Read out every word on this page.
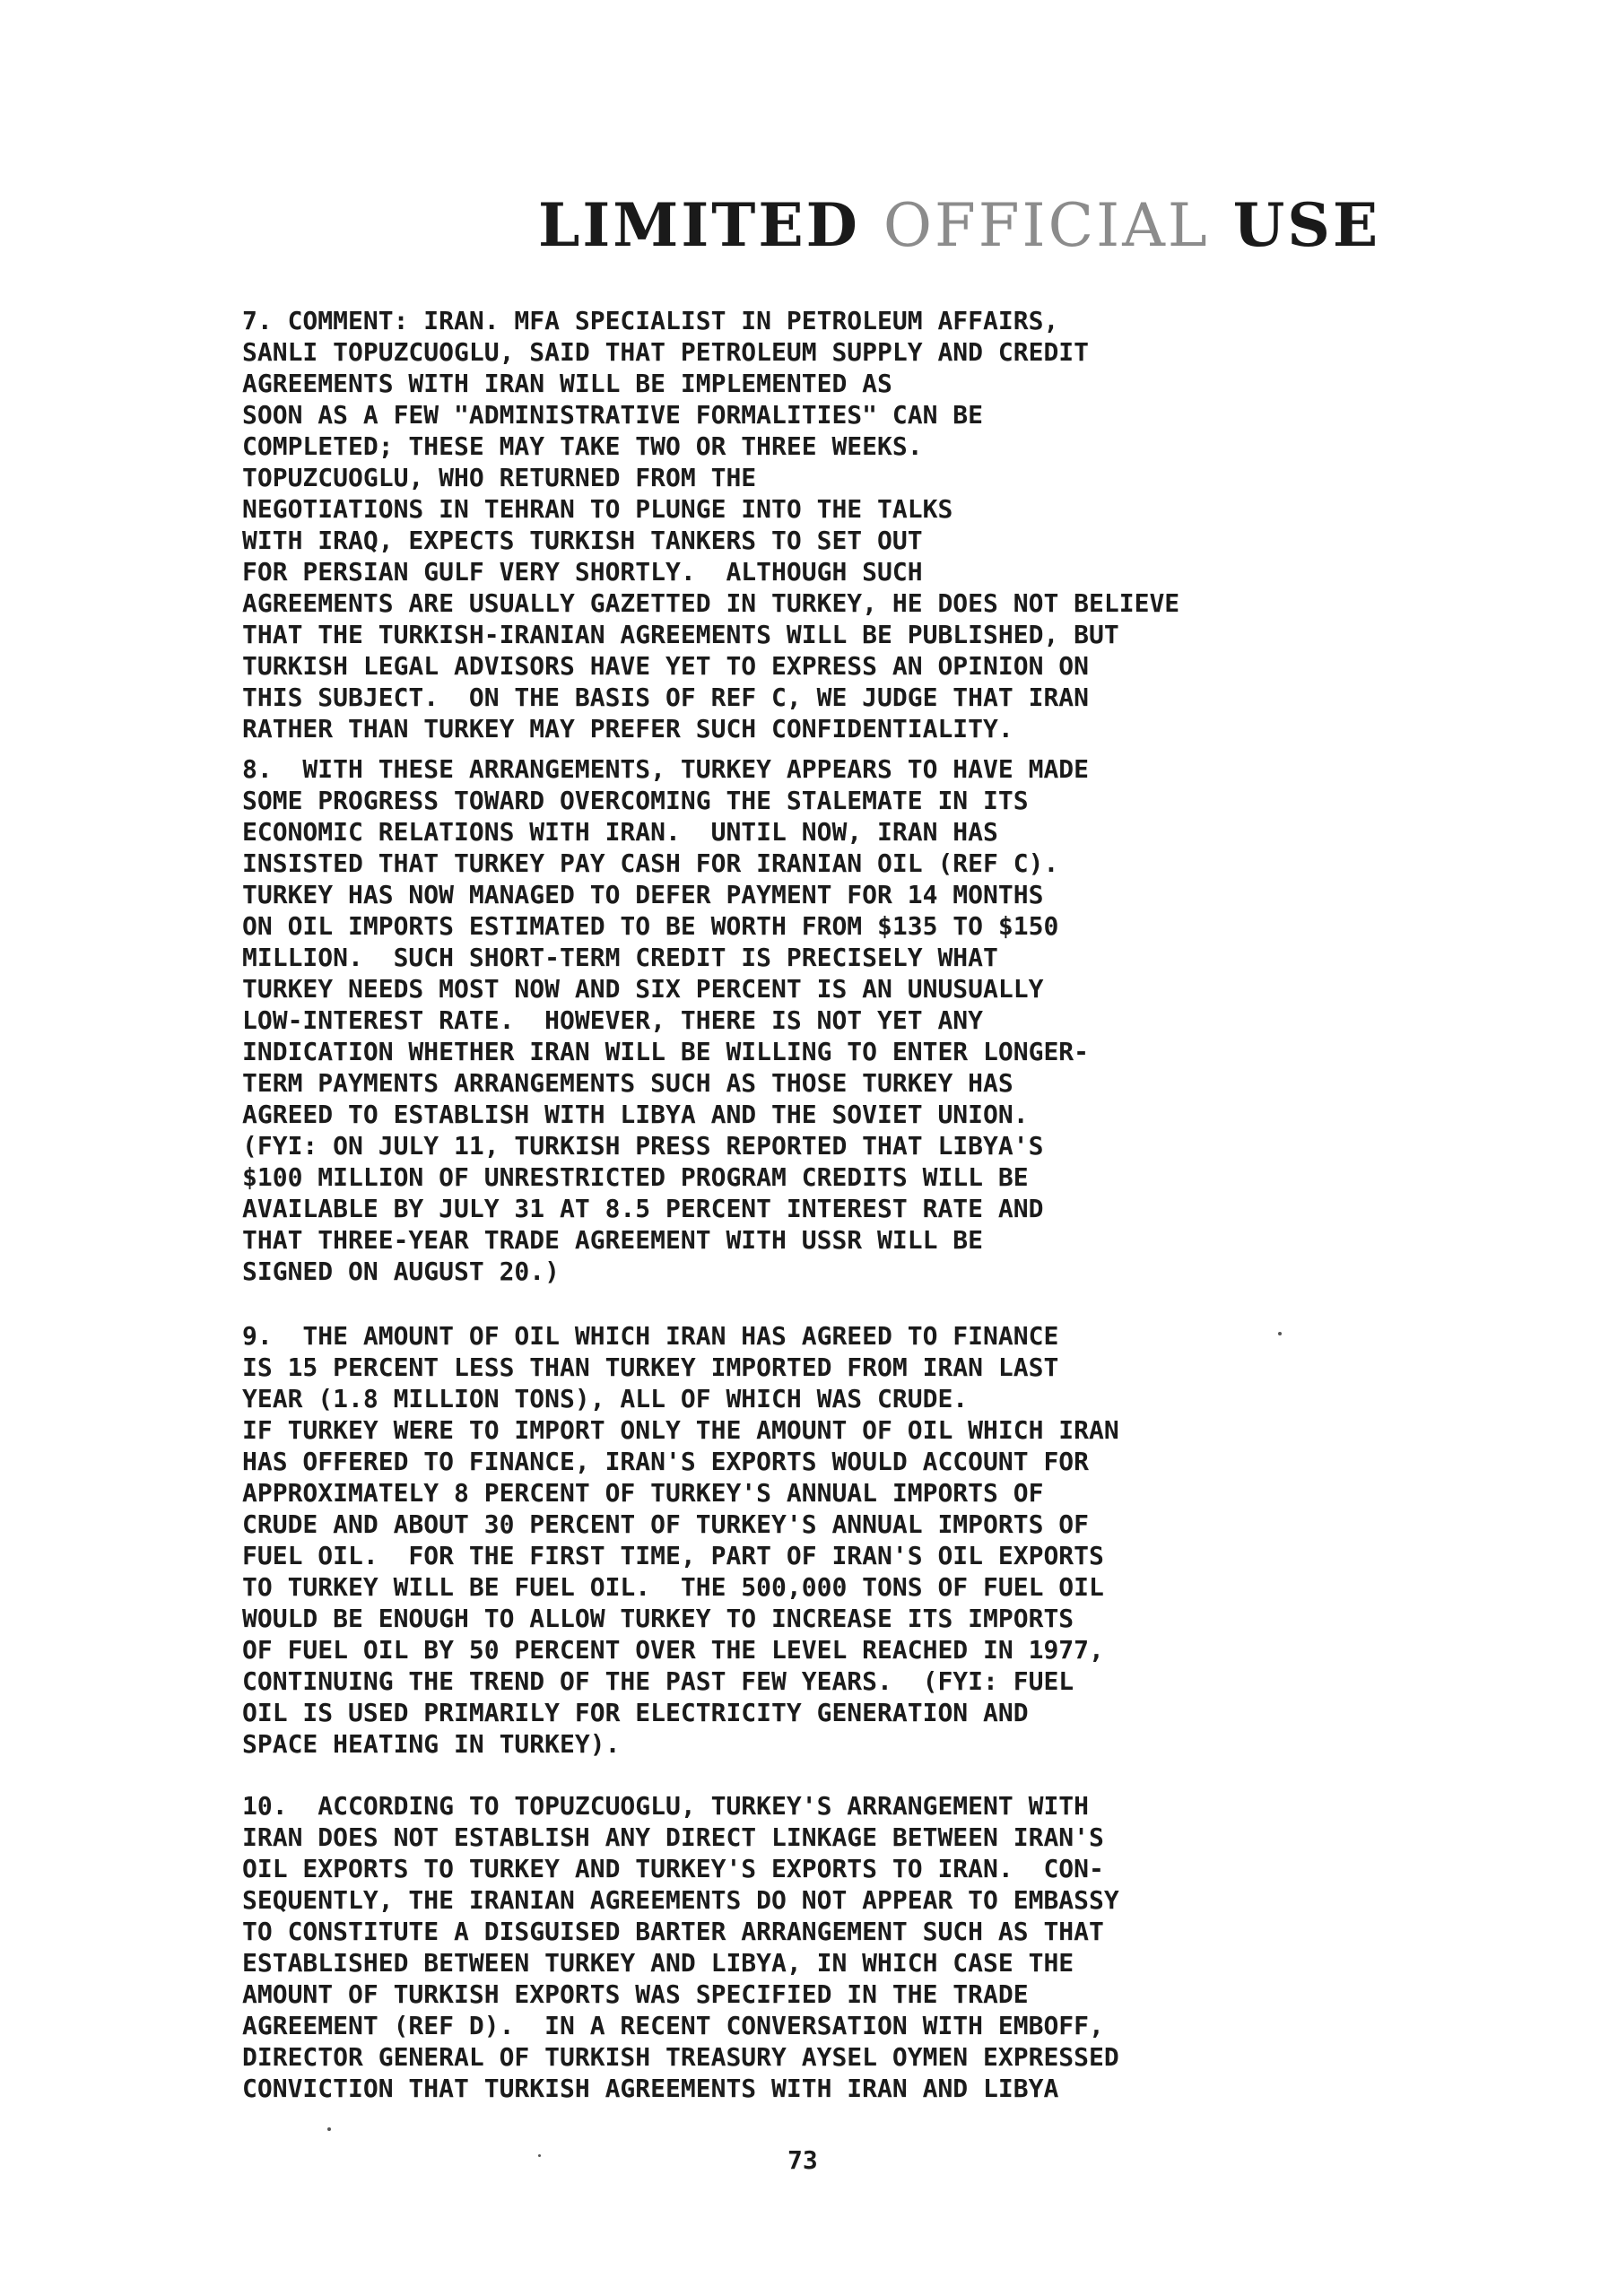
LIMITED OFFICIAL USE

7. COMMENT: IRAN. MFA SPECIALIST IN PETROLEUM AFFAIRS,
SANLI TOPUZCUOGLU, SAID THAT PETROLEUM SUPPLY AND CREDIT
AGREEMENTS WITH IRAN WILL BE IMPLEMENTED AS
SOON AS A FEW "ADMINISTRATIVE FORMALITIES" CAN BE
COMPLETED; THESE MAY TAKE TWO OR THREE WEEKS.
TOPUZCUOGLU, WHO RETURNED FROM THE
NEGOTIATIONS IN TEHRAN TO PLUNGE INTO THE TALKS
WITH IRAQ, EXPECTS TURKISH TANKERS TO SET OUT
FOR PERSIAN GULF VERY SHORTLY.  ALTHOUGH SUCH
AGREEMENTS ARE USUALLY GAZETTED IN TURKEY, HE DOES NOT BELIEVE
THAT THE TURKISH-IRANIAN AGREEMENTS WILL BE PUBLISHED, BUT
TURKISH LEGAL ADVISORS HAVE YET TO EXPRESS AN OPINION ON
THIS SUBJECT.  ON THE BASIS OF REF C, WE JUDGE THAT IRAN
RATHER THAN TURKEY MAY PREFER SUCH CONFIDENTIALITY.

8.  WITH THESE ARRANGEMENTS, TURKEY APPEARS TO HAVE MADE
SOME PROGRESS TOWARD OVERCOMING THE STALEMATE IN ITS
ECONOMIC RELATIONS WITH IRAN.  UNTIL NOW, IRAN HAS
INSISTED THAT TURKEY PAY CASH FOR IRANIAN OIL (REF C).
TURKEY HAS NOW MANAGED TO DEFER PAYMENT FOR 14 MONTHS
ON OIL IMPORTS ESTIMATED TO BE WORTH FROM $135 TO $150
MILLION.  SUCH SHORT-TERM CREDIT IS PRECISELY WHAT
TURKEY NEEDS MOST NOW AND SIX PERCENT IS AN UNUSUALLY
LOW-INTEREST RATE.  HOWEVER, THERE IS NOT YET ANY
INDICATION WHETHER IRAN WILL BE WILLING TO ENTER LONGER-
TERM PAYMENTS ARRANGEMENTS SUCH AS THOSE TURKEY HAS
AGREED TO ESTABLISH WITH LIBYA AND THE SOVIET UNION.
(FYI: ON JULY 11, TURKISH PRESS REPORTED THAT LIBYA'S
$100 MILLION OF UNRESTRICTED PROGRAM CREDITS WILL BE
AVAILABLE BY JULY 31 AT 8.5 PERCENT INTEREST RATE AND
THAT THREE-YEAR TRADE AGREEMENT WITH USSR WILL BE
SIGNED ON AUGUST 20.)

9.  THE AMOUNT OF OIL WHICH IRAN HAS AGREED TO FINANCE
IS 15 PERCENT LESS THAN TURKEY IMPORTED FROM IRAN LAST
YEAR (1.8 MILLION TONS), ALL OF WHICH WAS CRUDE.
IF TURKEY WERE TO IMPORT ONLY THE AMOUNT OF OIL WHICH IRAN
HAS OFFERED TO FINANCE, IRAN'S EXPORTS WOULD ACCOUNT FOR
APPROXIMATELY 8 PERCENT OF TURKEY'S ANNUAL IMPORTS OF
CRUDE AND ABOUT 30 PERCENT OF TURKEY'S ANNUAL IMPORTS OF
FUEL OIL.  FOR THE FIRST TIME, PART OF IRAN'S OIL EXPORTS
TO TURKEY WILL BE FUEL OIL.  THE 500,000 TONS OF FUEL OIL
WOULD BE ENOUGH TO ALLOW TURKEY TO INCREASE ITS IMPORTS
OF FUEL OIL BY 50 PERCENT OVER THE LEVEL REACHED IN 1977,
CONTINUING THE TREND OF THE PAST FEW YEARS.  (FYI: FUEL
OIL IS USED PRIMARILY FOR ELECTRICITY GENERATION AND
SPACE HEATING IN TURKEY).

10.  ACCORDING TO TOPUZCUOGLU, TURKEY'S ARRANGEMENT WITH
IRAN DOES NOT ESTABLISH ANY DIRECT LINKAGE BETWEEN IRAN'S
OIL EXPORTS TO TURKEY AND TURKEY'S EXPORTS TO IRAN.  CON-
SEQUENTLY, THE IRANIAN AGREEMENTS DO NOT APPEAR TO EMBASSY
TO CONSTITUTE A DISGUISED BARTER ARRANGEMENT SUCH AS THAT
ESTABLISHED BETWEEN TURKEY AND LIBYA, IN WHICH CASE THE
AMOUNT OF TURKISH EXPORTS WAS SPECIFIED IN THE TRADE
AGREEMENT (REF D).  IN A RECENT CONVERSATION WITH EMBOFF,
DIRECTOR GENERAL OF TURKISH TREASURY AYSEL OYMEN EXPRESSED
CONVICTION THAT TURKISH AGREEMENTS WITH IRAN AND LIBYA

73
